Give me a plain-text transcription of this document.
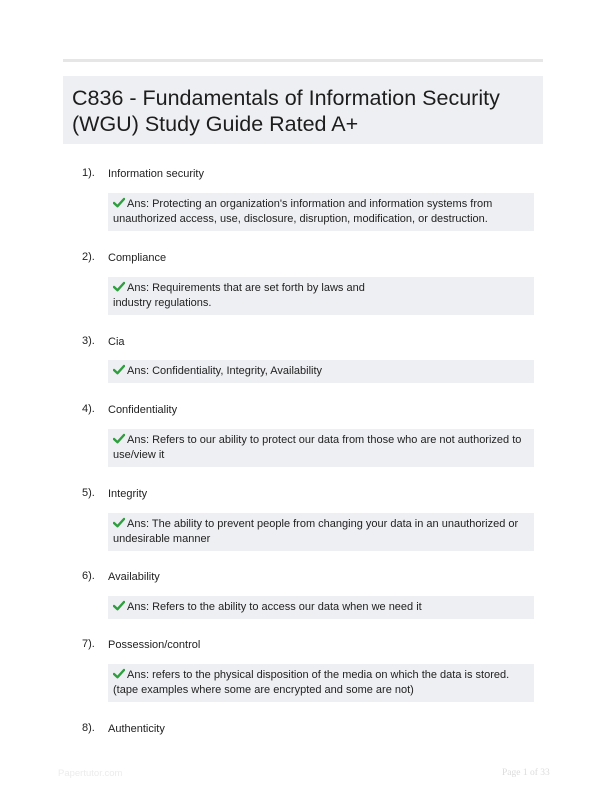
C836 - Fundamentals of Information Security (WGU) Study Guide Rated A+
1). Information security
Ans: Protecting an organization's information and information systems from unauthorized access, use, disclosure, disruption, modification, or destruction.
2). Compliance
Ans: Requirements that are set forth by laws and
industry regulations.
3). Cia
Ans: Confidentiality, Integrity, Availability
4). Confidentiality
Ans: Refers to our ability to protect our data from those who are not authorized to use/view it
5). Integrity
Ans: The ability to prevent people from changing your data in an unauthorized or undesirable manner
6). Availability
Ans: Refers to the ability to access our data when we need it
7). Possession/control
Ans: refers to the physical disposition of the media on which the data is stored. (tape examples where some are encrypted and some are not)
8). Authenticity
Papertutor.com	Page 1 of 33
